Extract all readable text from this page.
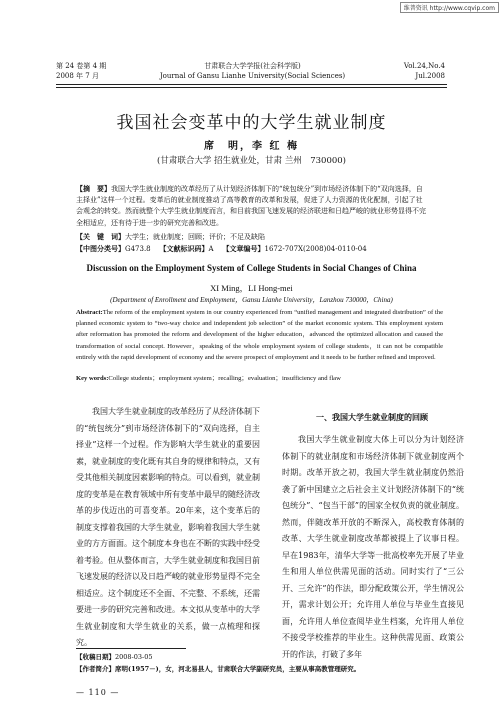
维普资讯 http://www.cqvip.com
第 24 卷第 4 期
2008 年 7 月
甘肃联合大学学报(社会科学版)
Journal of Gansu Lianhe University(Social Sciences)
Vol.24,No.4
Jul.2008
我国社会变革中的大学生就业制度
席　明，李 红 梅
(甘肃联合大学 招生就业处，甘肃 兰州　730000)
【摘　要】我国大学生就业制度的改革经历了从计划经济体制下的“统包统分”到市场经济体制下的“双向选择，自主择业”这样一个过程。变革后的就业制度推动了高等教育的改革和发展，促进了人力资源的优化配制，引起了社会观念的转变。然而就整个大学生就业制度而言，和目前我国飞速发展的经济联进和日趋严峻的就业形势显得不完全相适应，还有待于进一步的研究完善和改进。
【关　键　词】大学生；就业制度；回顾；评价；不足及缺陷
【中图分类号】G473.8 【文献标识码】A 【文章编号】1672-707X(2008)04-0110-04
Discussion on the Employment System of College Students in Social Changes of China
XI Ming，LI Hong-mei
(Department of Enrollment and Employment，Gansu Lianhe University，Lanzhou 730000，China)
Abstract:The reform of the employment system in our country experienced from “unified management and integrated distribution” of the planned economic system to “two-way choice and independent job selection” of the market economic system. This employment system after reformation has promoted the reform and development of the higher education，advanced the optimized allocation and caused the transformation of social concept. However，speaking of the whole employment system of college students，it can not be compatible entirely with the rapid development of economy and the severe prospect of employment and it needs to be further refined and improved.
Key words:College students；employment system；recalling；evaluation；insufficiency and flaw
我国大学生就业制度的改革经历了从经济体制下的“统包统分”到市场经济体制下的“双向选择，自主择业”这样一个过程。作为影响大学生就业的重要因素，就业制度的变化既有其自身的规律和特点，又有受其他相关制度因素影响的特点。可以看到，就业制度的变革是在教育领域中所有变革中最早的随经济改革的步伐迈出的可喜变革。20年来，这个变革后的制度支撑着我国的大学生就业，影响着我国大学生就业的方方面面。这个制度本身也在不断的实践中经受着考验。但从整体而言，大学生就业制度和我国目前飞速发展的经济以及日趋严峻的就业形势显得不完全相适应。这个制度还不全面、不完整、不系统，还需要进一步的研究完善和改进。本文拟从变革中的大学生就业制度和大学生就业的关系，做一点梳理和探究。
一、我国大学生就业制度的回顾
我国大学生就业制度大体上可以分为计划经济体制下的就业制度和市场经济体制下就业制度两个时期。改革开放之初，我国大学生就业制度仍然沿袭了新中国建立之后社会主义计划经济体制下的“统包统分”、“包当干部”的国家全权负责的就业制度。然而，伴随改革开放的不断深入，高校教育体制的改革、大学生就业制度改革都被提上了议事日程。早在1983年，清华大学等一批高校率先开展了毕业生和用人单位供需见面的活动。同时实行了“三公开、三允许”的作法，即分配政策公开，学生情况公开，需求计划公开；允许用人单位与毕业生直接见面，允许用人单位查阅毕业生档案，允许用人单位不接受学校推荐的毕业生。这种供需见面、政策公开的作法，打破了多年
【收稿日期】2008-03-05
【作者简介】席明(1957－)，女，河北易县人，甘肃联合大学副研究员，主要从事高教管理研究。
— 110 —
